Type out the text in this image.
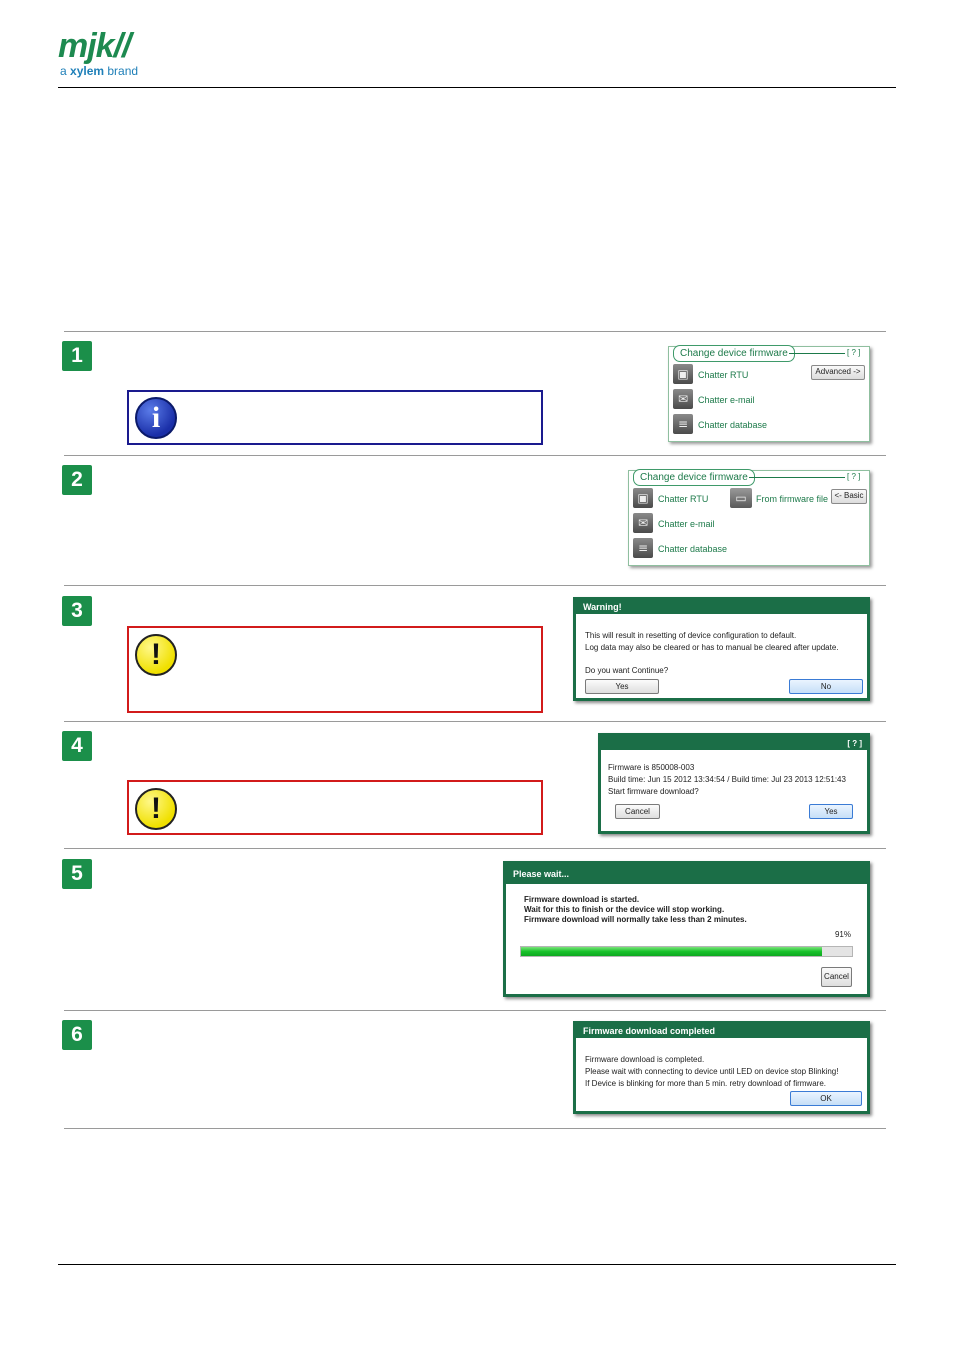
mjk//
a xylem brand
1
2
3
4
5
6
i
!
!
Change device firmware	[ ? ]
Advanced ->
▣	Chatter RTU
✉	Chatter e-mail
≡	Chatter database
Change device firmware	[ ? ]
<- Basic
▣	Chatter RTU	▭	From firmware file
✉	Chatter e-mail
≡	Chatter database
Warning!
This will result in resetting of device configuration to default.
Log data may also be cleared or has to manual be cleared after update.
Do you want Continue?
Yes	No
[ ? ]
Firmware is 850008-003
Build time: Jun 15 2012 13:34:54 / Build time: Jul 23 2013 12:51:43
Start firmware download?
Cancel	Yes
Please wait...
Firmware download is started.
Wait for this to finish or the device will stop working.
Firmware download will normally take less than 2 minutes.
91%
Cancel
Firmware download completed
Firmware download is completed.
Please wait with connecting to device until LED on device stop Blinking!
If Device is blinking for more than 5 min. retry download of firmware.
OK
